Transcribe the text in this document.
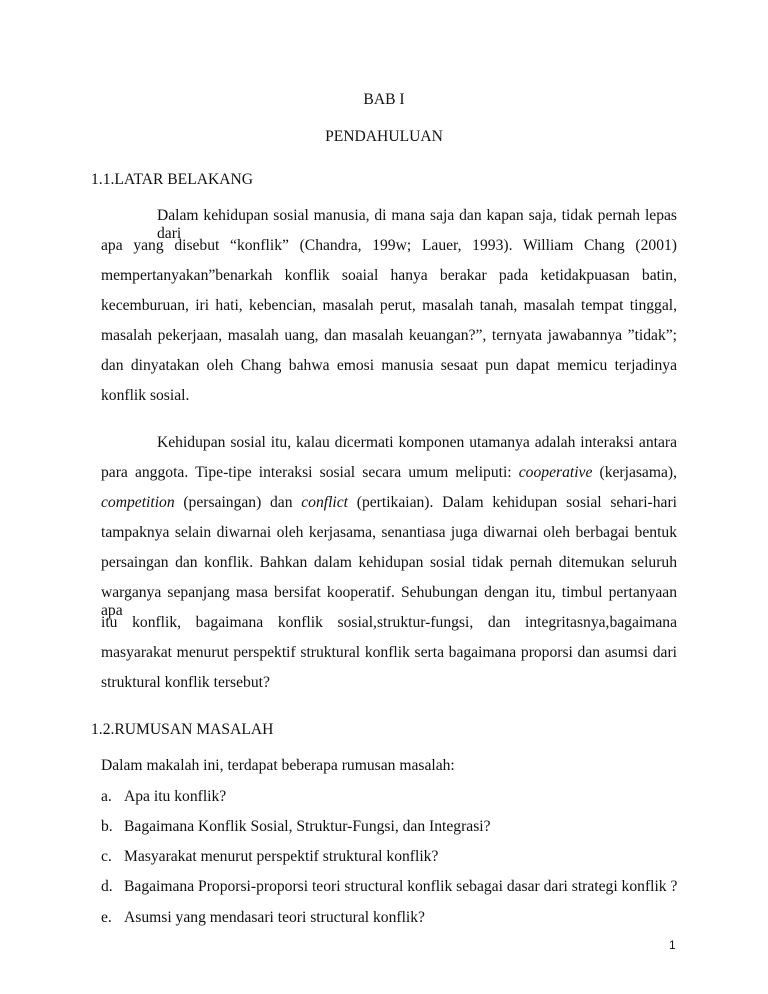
BAB I
PENDAHULUAN
1.1.LATAR BELAKANG
Dalam kehidupan sosial manusia, di mana saja dan kapan saja, tidak pernah lepas dari
apa yang disebut “konflik” (Chandra, 199w; Lauer, 1993). William Chang (2001)
mempertanyakan”benarkah konflik soaial hanya berakar pada ketidakpuasan batin,
kecemburuan, iri hati, kebencian, masalah perut, masalah tanah, masalah tempat tinggal,
masalah pekerjaan, masalah uang, dan masalah keuangan?”, ternyata jawabannya ”tidak”;
dan dinyatakan oleh Chang bahwa emosi manusia sesaat pun dapat memicu terjadinya
konflik sosial.
Kehidupan sosial itu, kalau dicermati komponen utamanya adalah interaksi antara
para anggota. Tipe-tipe interaksi sosial secara umum meliputi: cooperative (kerjasama),
competition (persaingan) dan conflict (pertikaian). Dalam kehidupan sosial sehari-hari
tampaknya selain diwarnai oleh kerjasama, senantiasa juga diwarnai oleh berbagai bentuk
persaingan dan konflik. Bahkan dalam kehidupan sosial tidak pernah ditemukan seluruh
warganya sepanjang masa bersifat kooperatif. Sehubungan dengan itu, timbul pertanyaan apa
itu konflik, bagaimana konflik sosial,struktur-fungsi, dan integritasnya,bagaimana
masyarakat menurut perspektif struktural konflik serta bagaimana proporsi dan asumsi dari
struktural konflik tersebut?
1.2.RUMUSAN MASALAH
Dalam makalah ini, terdapat beberapa rumusan masalah:
a. Apa itu konflik?
b. Bagaimana Konflik Sosial, Struktur-Fungsi, dan Integrasi?
c. Masyarakat menurut perspektif struktural konflik?
d. Bagaimana Proporsi-proporsi teori structural konflik sebagai dasar dari strategi konflik ?
e. Asumsi yang mendasari teori structural konflik?
1
